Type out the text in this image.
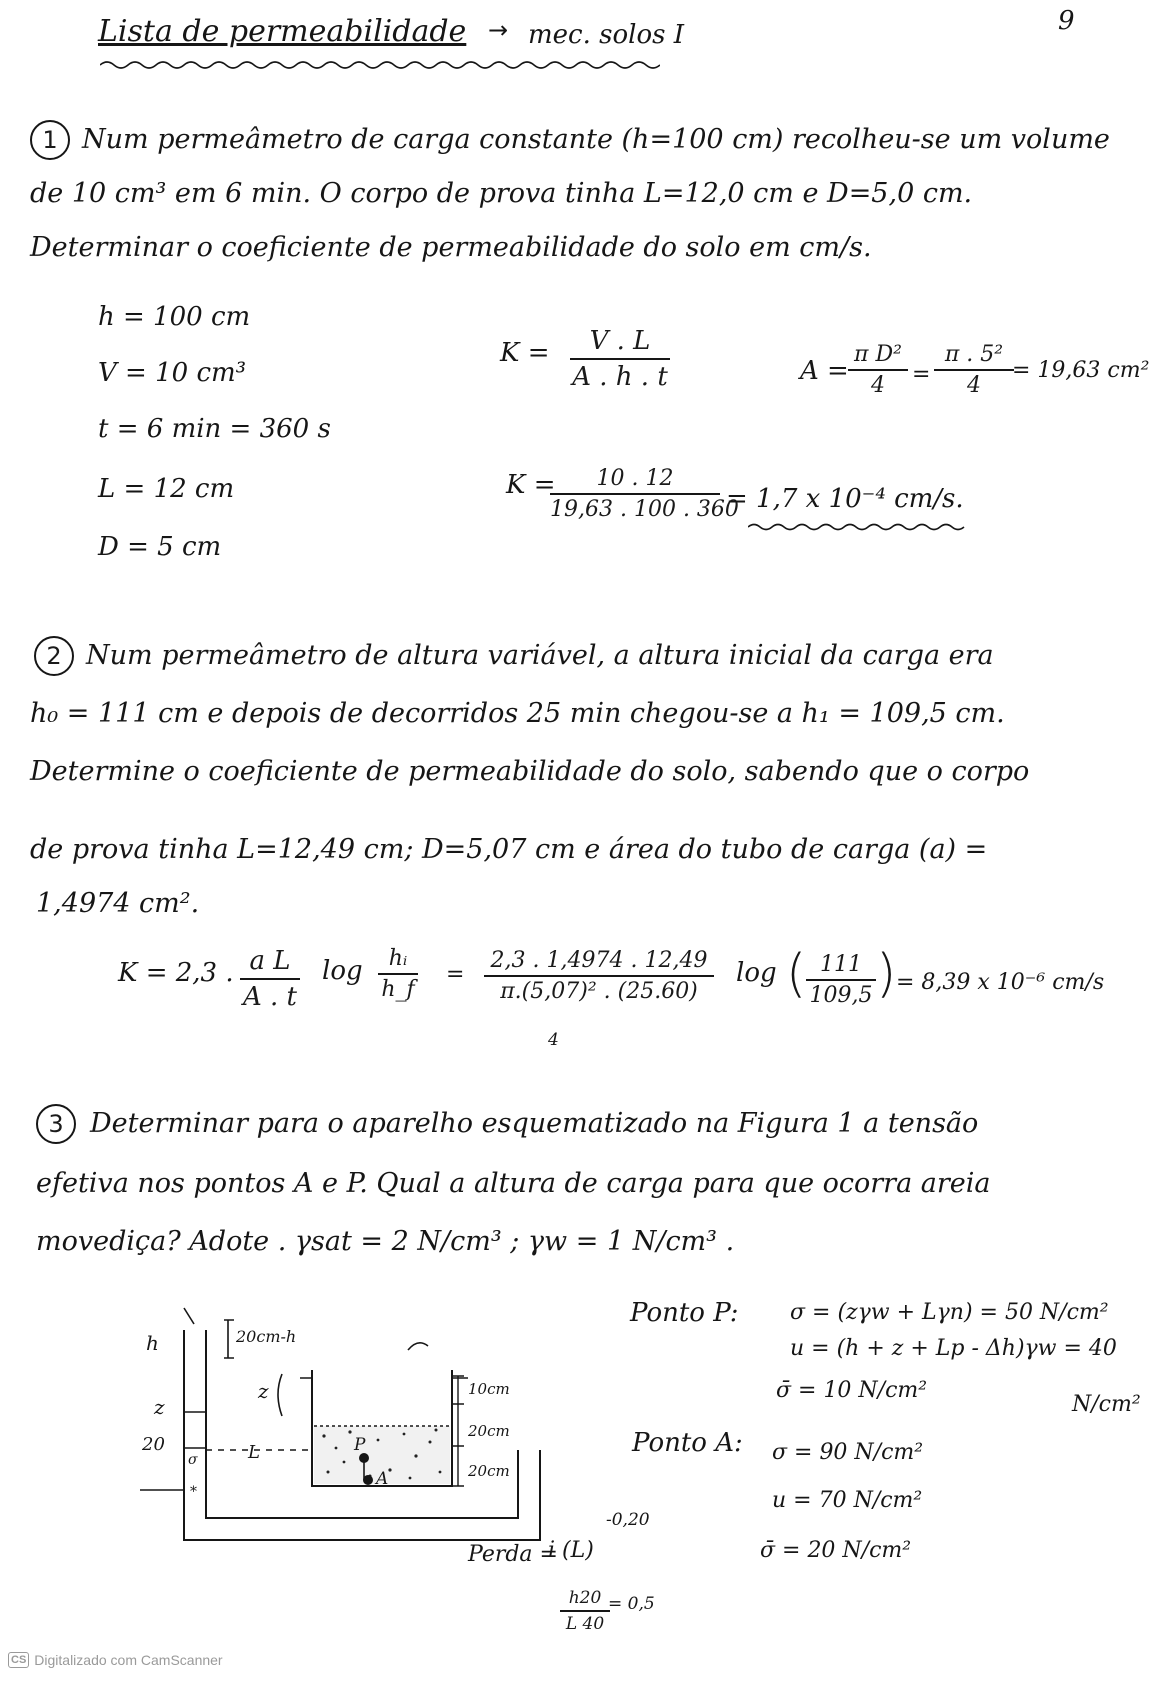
Lista de permeabilidade → mec. solos I	9
1 Num permeâmetro de carga constante (h=100 cm) recolheu-se um volume
de 10 cm³ em 6 min. O corpo de prova tinha L=12,0 cm e D=5,0 cm.
Determinar o coeficiente de permeabilidade do solo em cm/s.
h = 100 cm
V = 10 cm³
t = 6 min = 360 s
L = 12 cm
D = 5 cm
K =	V . L
A . h . t	A =
π D²
4	=
π . 5²
4
= 19,63 cm²
K =	10 . 12
19,63 . 100 . 360
= 1,7 x 10⁻⁴ cm/s.
2 Num permeâmetro de altura variável, a altura inicial da carga era
h₀ = 111 cm e depois de decorridos 25 min chegou-se a h₁ = 109,5 cm.
Determine o coeficiente de permeabilidade do solo, sabendo que o corpo
de prova tinha L=12,49 cm; D=5,07 cm e área do tubo de carga (a) =
1,4974 cm².
K = 2,3 . a L
A . t
log	hᵢ
h_f
=
2,3 . 1,4974 . 12,49
π.(5,07)² . (25.60)
4
log ( 111
109,5 ) = 8,39 x 10⁻⁶ cm/s
3 Determinar para o aparelho esquematizado na Figura 1 a tensão
efetiva nos pontos A e P. Qual a altura de carga para que ocorra areia
movediça? Adote . γsat = 2 N/cm³ ; γw = 1 N/cm³ .
h
z
20	L
20cm-h
z	10cm
20cm
20cm
P
A
σ
*
Ponto P: σ = (zγw + Lγn) = 50 N/cm²
u = (h + z + Lp - Δh)γw = 40
N/cm²
σ̄ = 10 N/cm²
Ponto A: σ = 90 N/cm²
u = 70 N/cm²
σ̄ = 20 N/cm²
Perda =
i (L)
-0,20
h20
L 40
= 0,5
CS Digitalizado com CamScanner
